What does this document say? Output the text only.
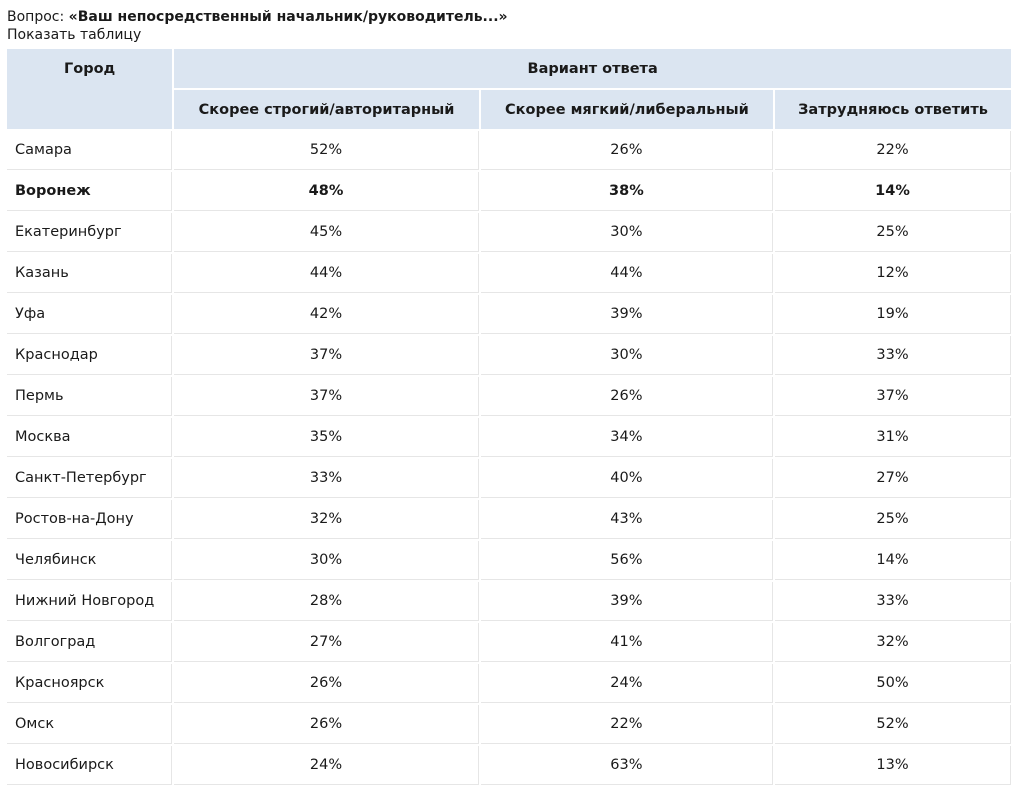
Вопрос: «Ваш непосредственный начальник/руководитель...»
Показать таблицу
Город	Вариант ответа		
	Скорее строгий/авторитарный	Скорее мягкий/либеральный	Затрудняюсь ответить
Самара	52%	26%	22%
Воронеж	48%	38%	14%
Екатеринбург	45%	30%	25%
Казань	44%	44%	12%
Уфа	42%	39%	19%
Краснодар	37%	30%	33%
Пермь	37%	26%	37%
Москва	35%	34%	31%
Санкт-Петербург	33%	40%	27%
Ростов-на-Дону	32%	43%	25%
Челябинск	30%	56%	14%
Нижний Новгород	28%	39%	33%
Волгоград	27%	41%	32%
Красноярск	26%	24%	50%
Омск	26%	22%	52%
Новосибирск	24%	63%	13%
